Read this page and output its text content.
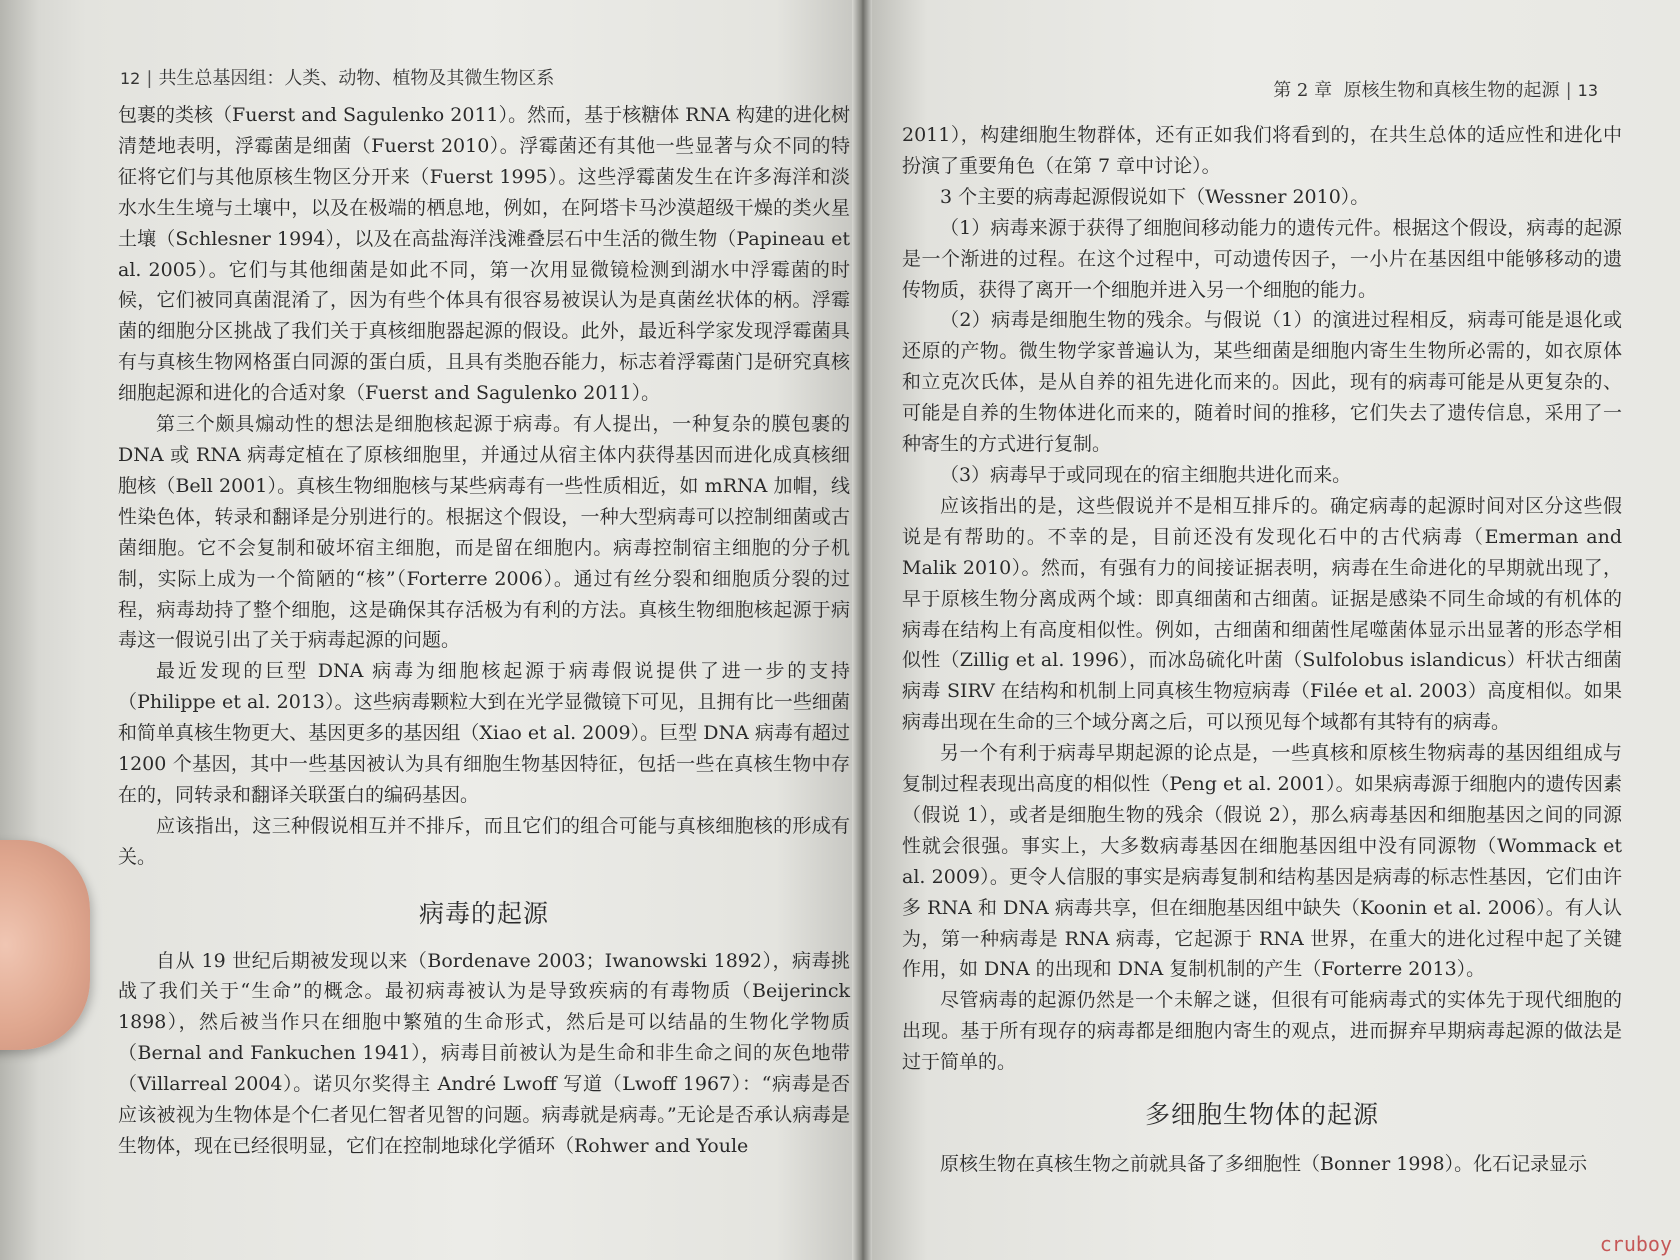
12 | 共生总基因组：人类、动物、植物及其微生物区系

包裹的类核（Fuerst and Sagulenko 2011）。然而，基于核糖体 RNA 构建的进化树清楚地表明，浮霉菌是细菌（Fuerst 2010）。浮霉菌还有其他一些显著与众不同的特征将它们与其他原核生物区分开来（Fuerst 1995）。这些浮霉菌发生在许多海洋和淡水水生生境与土壤中，以及在极端的栖息地，例如，在阿塔卡马沙漠超级干燥的类火星土壤（Schlesner 1994），以及在高盐海洋浅滩叠层石中生活的微生物（Papineau et al. 2005）。它们与其他细菌是如此不同，第一次用显微镜检测到湖水中浮霉菌的时候，它们被同真菌混淆了，因为有些个体具有很容易被误认为是真菌丝状体的柄。浮霉菌的细胞分区挑战了我们关于真核细胞器起源的假设。此外，最近科学家发现浮霉菌具有与真核生物网格蛋白同源的蛋白质，且具有类胞吞能力，标志着浮霉菌门是研究真核细胞起源和进化的合适对象（Fuerst and Sagulenko 2011）。

第三个颇具煽动性的想法是细胞核起源于病毒。有人提出，一种复杂的膜包裹的 DNA 或 RNA 病毒定植在了原核细胞里，并通过从宿主体内获得基因而进化成真核细胞核（Bell 2001）。真核生物细胞核与某些病毒有一些性质相近，如 mRNA 加帽，线性染色体，转录和翻译是分别进行的。根据这个假设，一种大型病毒可以控制细菌或古菌细胞。它不会复制和破坏宿主细胞，而是留在细胞内。病毒控制宿主细胞的分子机制，实际上成为一个简陋的“核”（Forterre 2006）。通过有丝分裂和细胞质分裂的过程，病毒劫持了整个细胞，这是确保其存活极为有利的方法。真核生物细胞核起源于病毒这一假说引出了关于病毒起源的问题。

最近发现的巨型 DNA 病毒为细胞核起源于病毒假说提供了进一步的支持（Philippe et al. 2013）。这些病毒颗粒大到在光学显微镜下可见，且拥有比一些细菌和简单真核生物更大、基因更多的基因组（Xiao et al. 2009）。巨型 DNA 病毒有超过 1200 个基因，其中一些基因被认为具有细胞生物基因特征，包括一些在真核生物中存在的，同转录和翻译关联蛋白的编码基因。

应该指出，这三种假说相互并不排斥，而且它们的组合可能与真核细胞核的形成有关。

病毒的起源

自从 19 世纪后期被发现以来（Bordenave 2003；Iwanowski 1892），病毒挑战了我们关于“生命”的概念。最初病毒被认为是导致疾病的有毒物质（Beijerinck 1898），然后被当作只在细胞中繁殖的生命形式，然后是可以结晶的生物化学物质（Bernal and Fankuchen 1941），病毒目前被认为是生命和非生命之间的灰色地带（Villarreal 2004）。诺贝尔奖得主 André Lwoff 写道（Lwoff 1967）：“病毒是否应该被视为生物体是个仁者见仁智者见智的问题。病毒就是病毒。”无论是否承认病毒是生物体，现在已经很明显，它们在控制地球化学循环（Rohwer and Youle

第 2 章 原核生物和真核生物的起源 | 13

2011），构建细胞生物群体，还有正如我们将看到的，在共生总体的适应性和进化中扮演了重要角色（在第 7 章中讨论）。

3 个主要的病毒起源假说如下（Wessner 2010）。

（1）病毒来源于获得了细胞间移动能力的遗传元件。根据这个假设，病毒的起源是一个渐进的过程。在这个过程中，可动遗传因子，一小片在基因组中能够移动的遗传物质，获得了离开一个细胞并进入另一个细胞的能力。

（2）病毒是细胞生物的残余。与假说（1）的演进过程相反，病毒可能是退化或还原的产物。微生物学家普遍认为，某些细菌是细胞内寄生生物所必需的，如衣原体和立克次氏体，是从自养的祖先进化而来的。因此，现有的病毒可能是从更复杂的、可能是自养的生物体进化而来的，随着时间的推移，它们失去了遗传信息，采用了一种寄生的方式进行复制。

（3）病毒早于或同现在的宿主细胞共进化而来。

应该指出的是，这些假说并不是相互排斥的。确定病毒的起源时间对区分这些假说是有帮助的。不幸的是，目前还没有发现化石中的古代病毒（Emerman and Malik 2010）。然而，有强有力的间接证据表明，病毒在生命进化的早期就出现了，早于原核生物分离成两个域：即真细菌和古细菌。证据是感染不同生命域的有机体的病毒在结构上有高度相似性。例如，古细菌和细菌性尾噬菌体显示出显著的形态学相似性（Zillig et al. 1996），而冰岛硫化叶菌（Sulfolobus islandicus）杆状古细菌病毒 SIRV 在结构和机制上同真核生物痘病毒（Filée et al. 2003）高度相似。如果病毒出现在生命的三个域分离之后，可以预见每个域都有其特有的病毒。

另一个有利于病毒早期起源的论点是，一些真核和原核生物病毒的基因组组成与复制过程表现出高度的相似性（Peng et al. 2001）。如果病毒源于细胞内的遗传因素（假说 1），或者是细胞生物的残余（假说 2），那么病毒基因和细胞基因之间的同源性就会很强。事实上，大多数病毒基因在细胞基因组中没有同源物（Wommack et al. 2009）。更令人信服的事实是病毒复制和结构基因是病毒的标志性基因，它们由许多 RNA 和 DNA 病毒共享，但在细胞基因组中缺失（Koonin et al. 2006）。有人认为，第一种病毒是 RNA 病毒，它起源于 RNA 世界，在重大的进化过程中起了关键作用，如 DNA 的出现和 DNA 复制机制的产生（Forterre 2013）。

尽管病毒的起源仍然是一个未解之谜，但很有可能病毒式的实体先于现代细胞的出现。基于所有现存的病毒都是细胞内寄生的观点，进而摒弃早期病毒起源的做法是过于简单的。

多细胞生物体的起源

原核生物在真核生物之前就具备了多细胞性（Bonner 1998）。化石记录显示

cruboy
